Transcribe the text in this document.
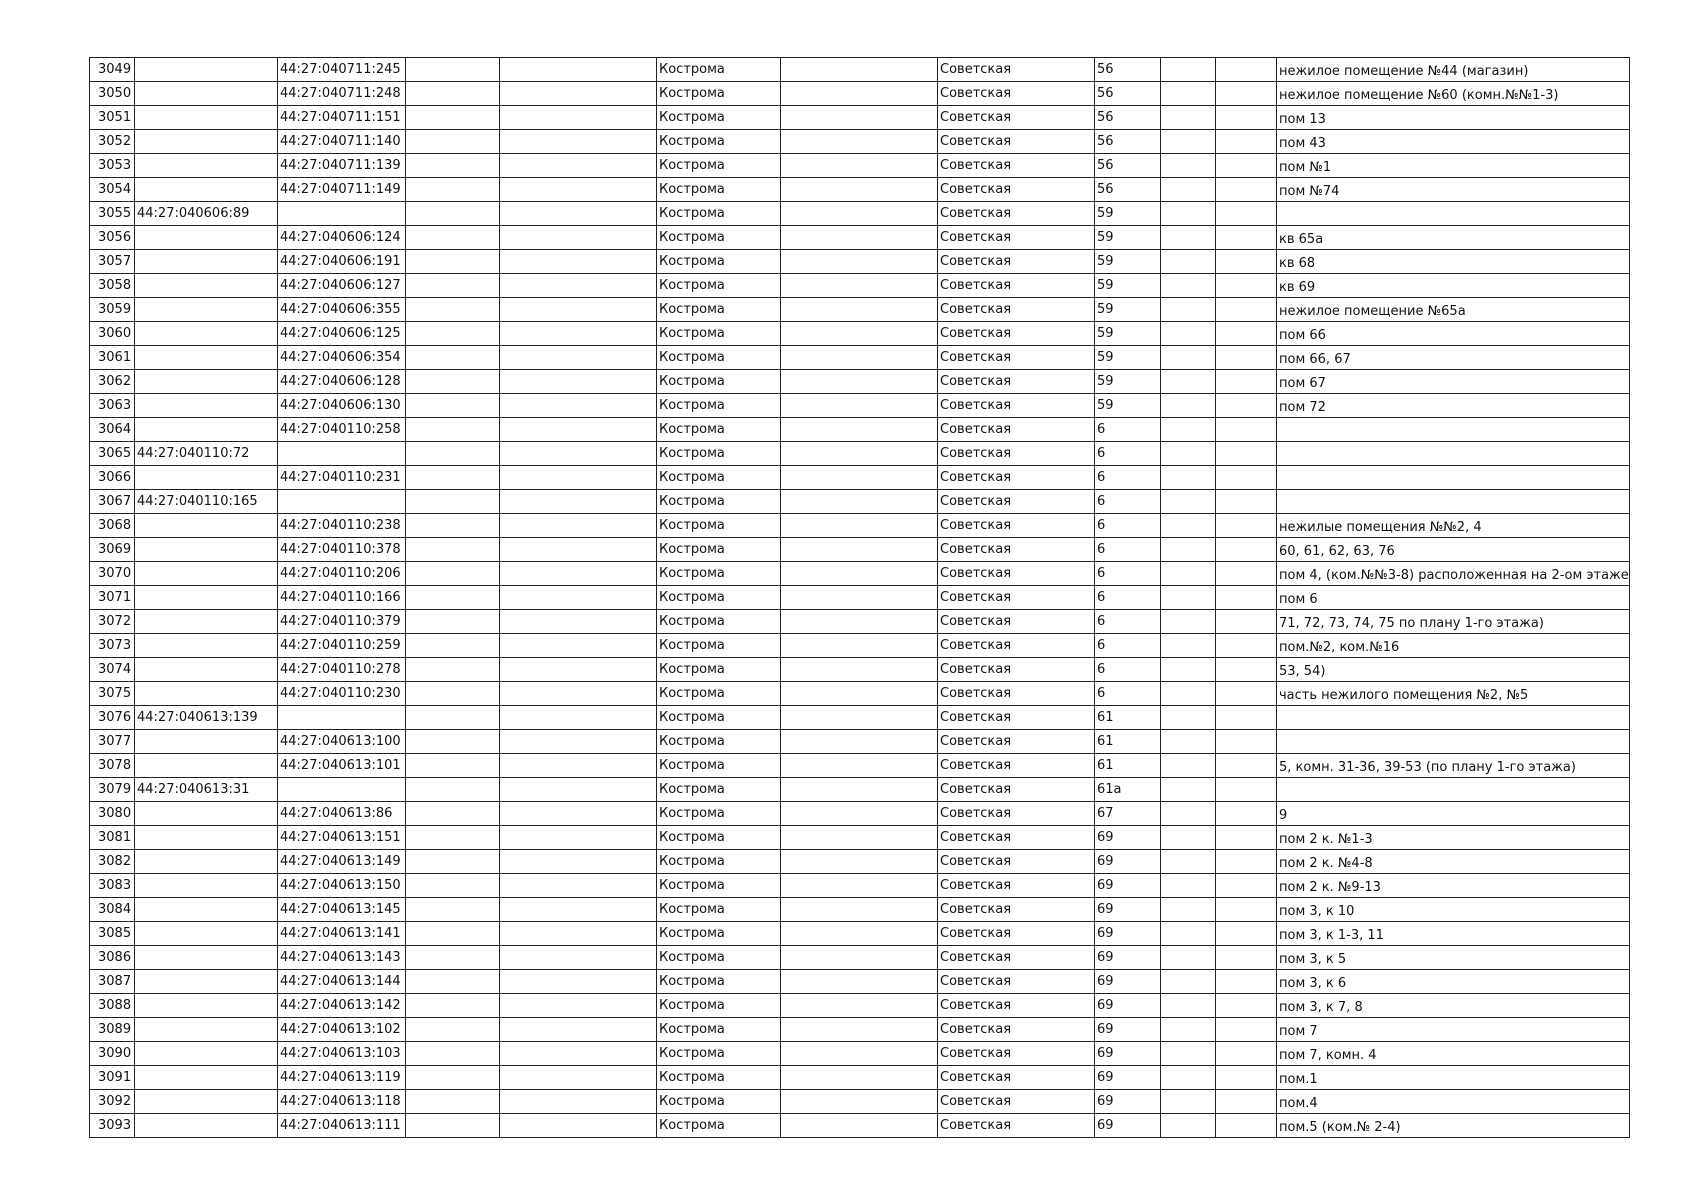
3049		44:27:040711:245			Кострома		Советская	56			нежилое помещение №44 (магазин)
3050		44:27:040711:248			Кострома		Советская	56			нежилое помещение №60 (комн.№№1-3)
3051		44:27:040711:151			Кострома		Советская	56			пом 13
3052		44:27:040711:140			Кострома		Советская	56			пом 43
3053		44:27:040711:139			Кострома		Советская	56			пом №1
3054		44:27:040711:149			Кострома		Советская	56			пом №74
3055	44:27:040606:89				Кострома		Советская	59			
3056		44:27:040606:124			Кострома		Советская	59			кв 65а
3057		44:27:040606:191			Кострома		Советская	59			кв 68
3058		44:27:040606:127			Кострома		Советская	59			кв 69
3059		44:27:040606:355			Кострома		Советская	59			нежилое помещение №65а
3060		44:27:040606:125			Кострома		Советская	59			пом 66
3061		44:27:040606:354			Кострома		Советская	59			пом 66, 67
3062		44:27:040606:128			Кострома		Советская	59			пом 67
3063		44:27:040606:130			Кострома		Советская	59			пом 72
3064		44:27:040110:258			Кострома		Советская	6			
3065	44:27:040110:72				Кострома		Советская	6			
3066		44:27:040110:231			Кострома		Советская	6			
3067	44:27:040110:165				Кострома		Советская	6			
3068		44:27:040110:238			Кострома		Советская	6			нежилые помещения №№2, 4
3069		44:27:040110:378			Кострома		Советская	6			60, 61, 62, 63, 76
3070		44:27:040110:206			Кострома		Советская	6			пом 4, (ком.№№3-8) расположенная на 2-ом этаже
3071		44:27:040110:166			Кострома		Советская	6			пом 6
3072		44:27:040110:379			Кострома		Советская	6			71, 72, 73, 74, 75 по плану 1-го этажа)
3073		44:27:040110:259			Кострома		Советская	6			пом.№2, ком.№16
3074		44:27:040110:278			Кострома		Советская	6			53, 54)
3075		44:27:040110:230			Кострома		Советская	6			часть нежилого помещения №2, №5
3076	44:27:040613:139				Кострома		Советская	61			
3077		44:27:040613:100			Кострома		Советская	61			
3078		44:27:040613:101			Кострома		Советская	61			5, комн. 31-36, 39-53 (по плану 1-го этажа)
3079	44:27:040613:31				Кострома		Советская	61а			
3080		44:27:040613:86			Кострома		Советская	67			9
3081		44:27:040613:151			Кострома		Советская	69			пом 2 к. №1-3
3082		44:27:040613:149			Кострома		Советская	69			пом 2 к. №4-8
3083		44:27:040613:150			Кострома		Советская	69			пом 2 к. №9-13
3084		44:27:040613:145			Кострома		Советская	69			пом 3, к 10
3085		44:27:040613:141			Кострома		Советская	69			пом 3, к 1-3, 11
3086		44:27:040613:143			Кострома		Советская	69			пом 3, к 5
3087		44:27:040613:144			Кострома		Советская	69			пом 3, к 6
3088		44:27:040613:142			Кострома		Советская	69			пом 3, к 7, 8
3089		44:27:040613:102			Кострома		Советская	69			пом 7
3090		44:27:040613:103			Кострома		Советская	69			пом 7, комн. 4
3091		44:27:040613:119			Кострома		Советская	69			пом.1
3092		44:27:040613:118			Кострома		Советская	69			пом.4
3093		44:27:040613:111			Кострома		Советская	69			пом.5 (ком.№ 2-4)
